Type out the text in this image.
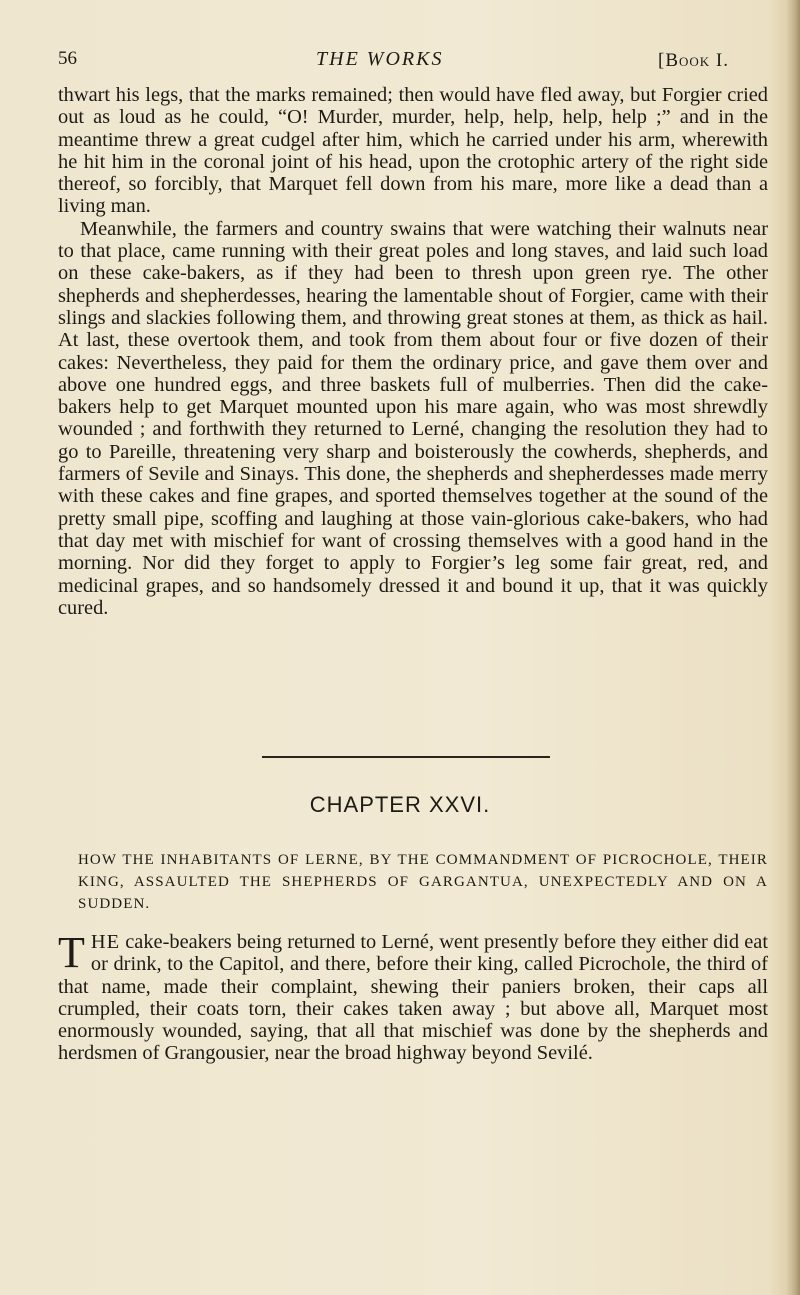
56	THE WORKS	[Book I.

thwart his legs, that the marks remained; then would have fled away, but Forgier cried out as loud as he could, “O! Murder, murder, help, help, help, help ;” and in the meantime threw a great cudgel after him, which he carried under his arm, wherewith he hit him in the coronal joint of his head, upon the crotophic artery of the right side thereof, so forcibly, that Marquet fell down from his mare, more like a dead than a living man.

Meanwhile, the farmers and country swains that were watching their walnuts near to that place, came running with their great poles and long staves, and laid such load on these cake-bakers, as if they had been to thresh upon green rye. The other shepherds and shepherdesses, hearing the lamentable shout of Forgier, came with their slings and slackies following them, and throwing great stones at them, as thick as hail. At last, these overtook them, and took from them about four or five dozen of their cakes: Nevertheless, they paid for them the ordinary price, and gave them over and above one hundred eggs, and three baskets full of mulberries. Then did the cake-bakers help to get Marquet mounted upon his mare again, who was most shrewdly wounded ; and forthwith they returned to Lerné, changing the resolution they had to go to Pareille, threatening very sharp and boisterously the cowherds, shepherds, and farmers of Sevile and Sinays. This done, the shepherds and shepherdesses made merry with these cakes and fine grapes, and sported themselves together at the sound of the pretty small pipe, scoffing and laughing at those vain-glorious cake-bakers, who had that day met with mischief for want of crossing themselves with a good hand in the morning. Nor did they forget to apply to Forgier’s leg some fair great, red, and medicinal grapes, and so handsomely dressed it and bound it up, that it was quickly cured.

CHAPTER XXVI.
HOW THE INHABITANTS OF LERNE, BY THE COMMANDMENT OF PICROCHOLE, THEIR KING, ASSAULTED THE SHEPHERDS OF GARGANTUA, UNEXPECTEDLY AND ON A SUDDEN.
THE cake-beakers being returned to Lerné, went presently before they either did eat or drink, to the Capitol, and there, before their king, called Picrochole, the third of that name, made their complaint, shewing their paniers broken, their caps all crumpled, their coats torn, their cakes taken away ; but above all, Marquet most enormously wounded, saying, that all that mischief was done by the shepherds and herdsmen of Grangousier, near the broad highway beyond Sevilé.
